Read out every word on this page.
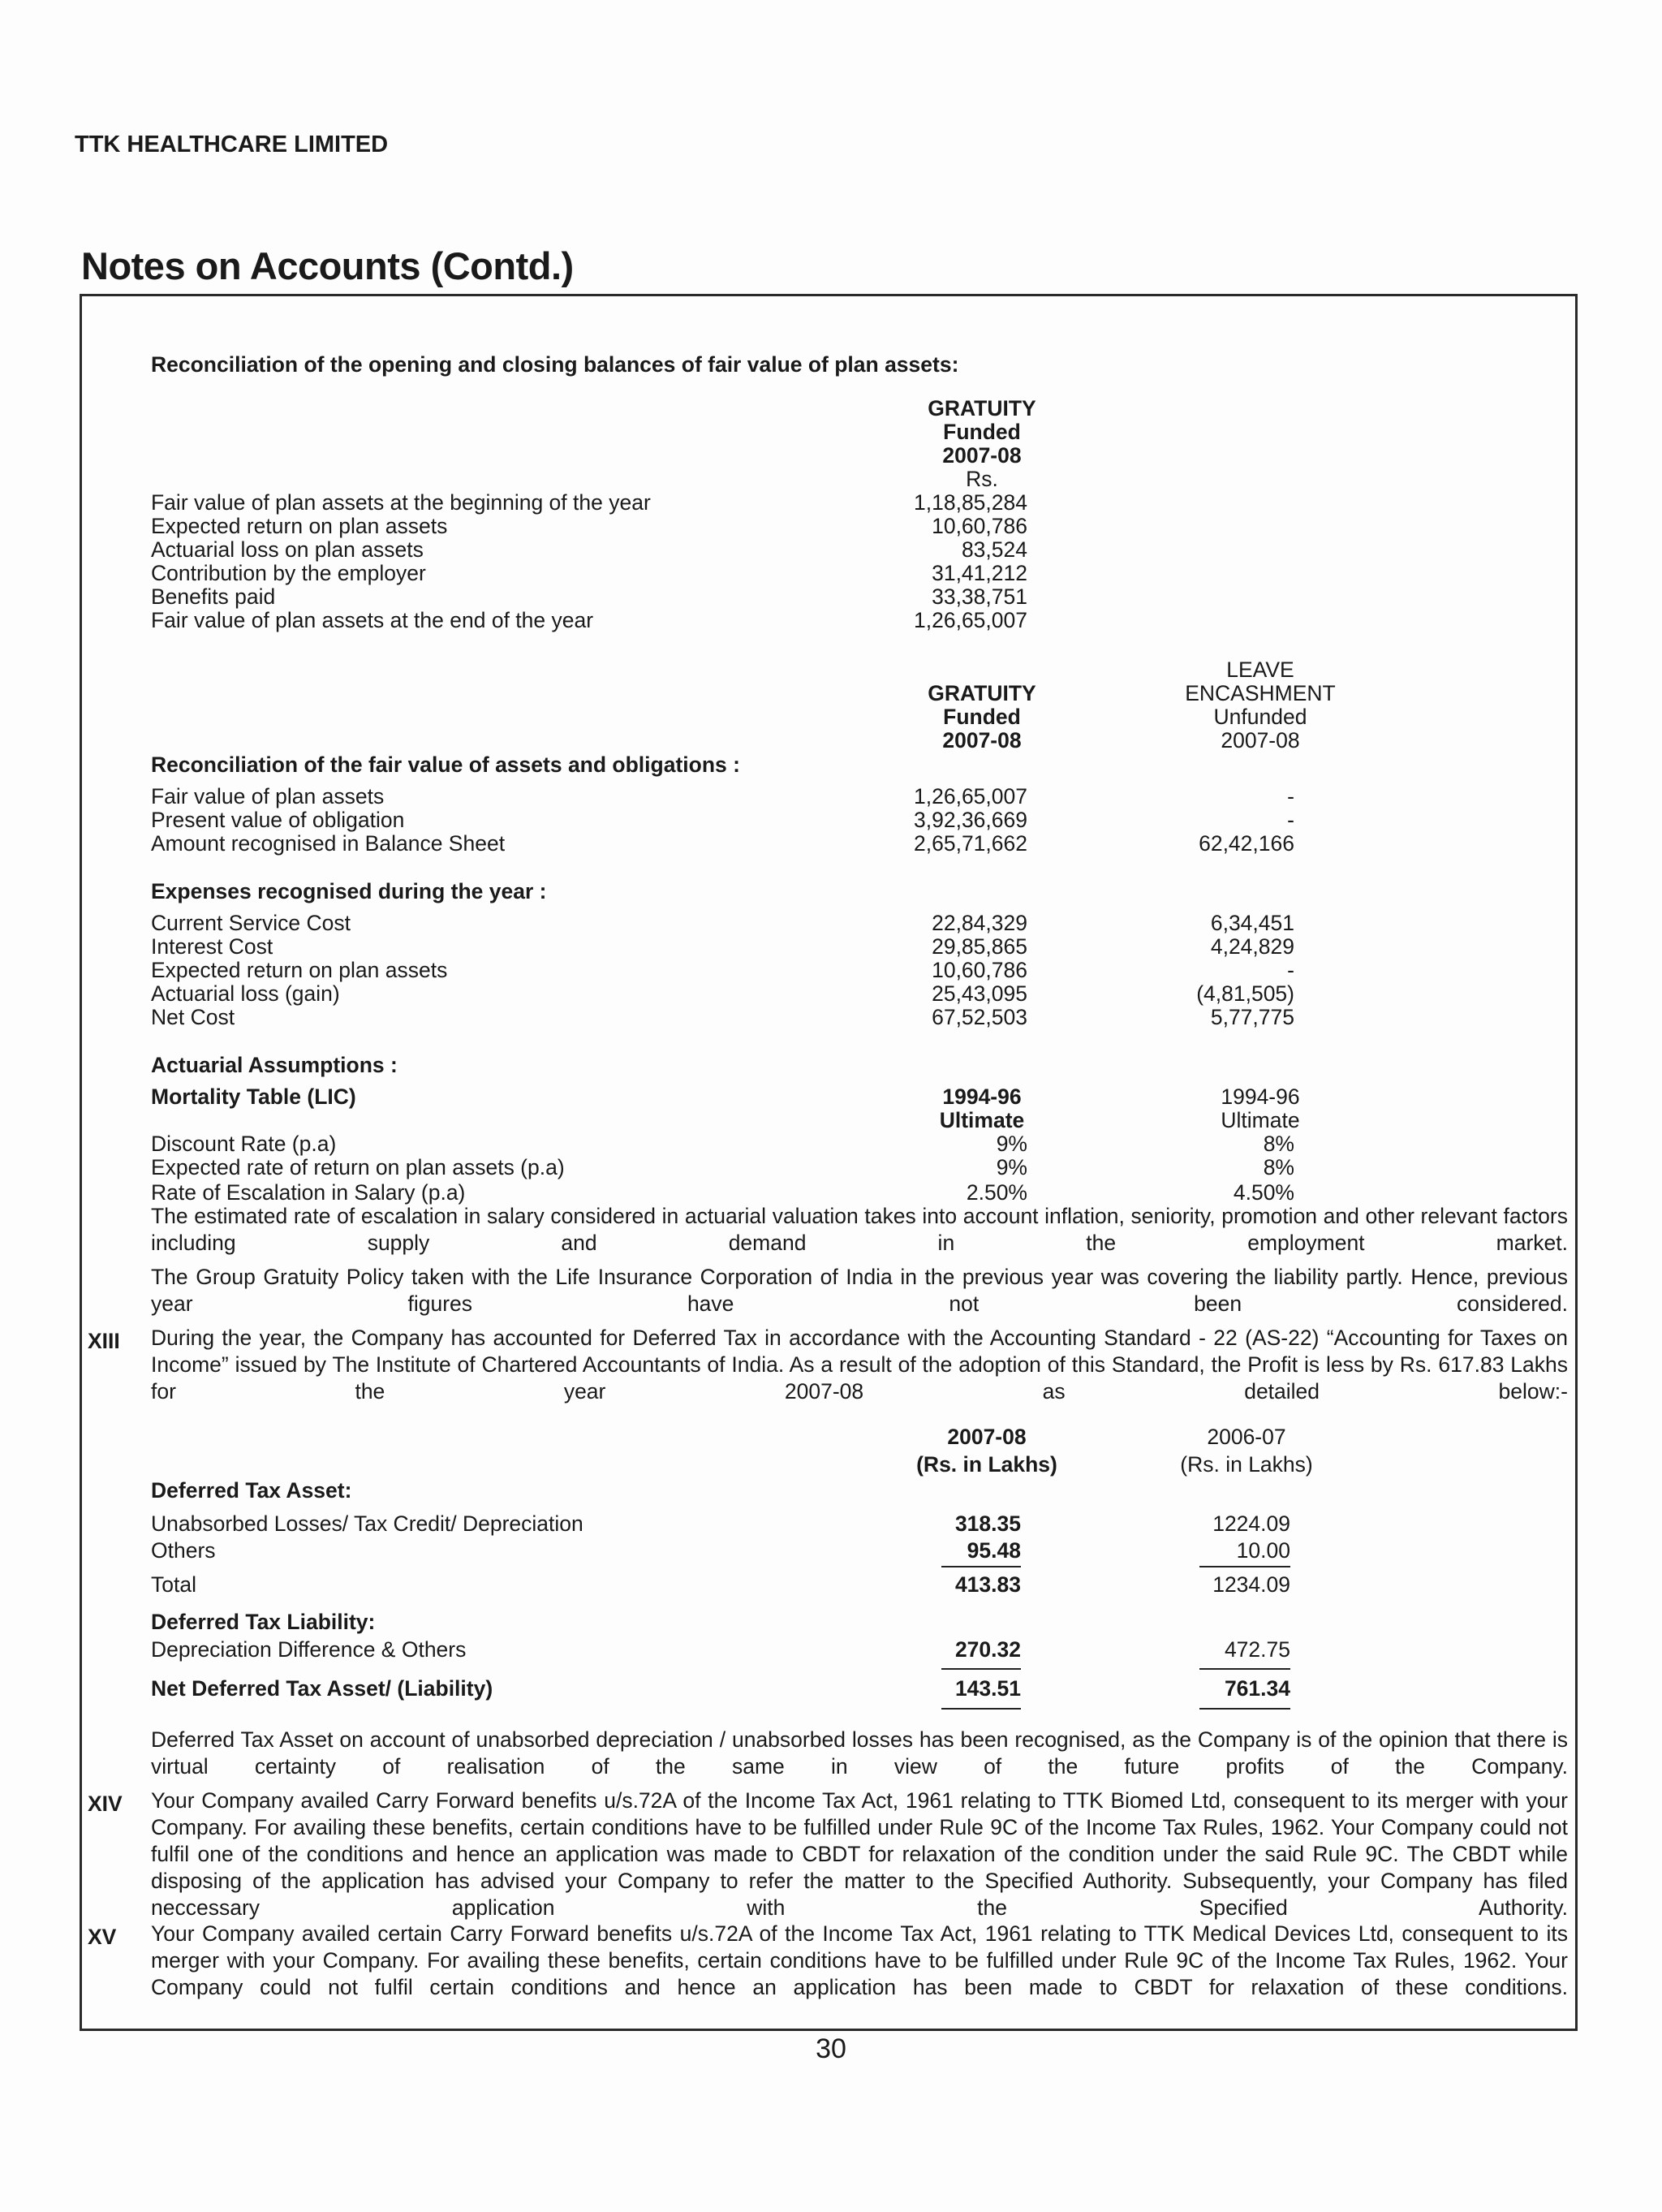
TTK HEALTHCARE LIMITED
Notes on Accounts (Contd.)
Reconciliation of the opening and closing balances of fair value of plan assets:
GRATUITY
Funded
2007-08
Rs.
Fair value of plan assets at the beginning of the year	1,18,85,284
Expected return on plan assets	10,60,786
Actuarial loss on plan assets	83,524
Contribution by the employer	31,41,212
Benefits paid	33,38,751
Fair value of plan assets at the end of the year	1,26,65,007
LEAVE
GRATUITY	ENCASHMENT
Funded	Unfunded
2007-08	2007-08
Reconciliation of the fair value of assets and obligations :
Fair value of plan assets	1,26,65,007	-
Present value of obligation	3,92,36,669	-
Amount recognised in Balance Sheet	2,65,71,662	62,42,166
Expenses recognised during the year :
Current Service Cost	22,84,329	6,34,451
Interest Cost	29,85,865	4,24,829
Expected return on plan assets	10,60,786	-
Actuarial loss (gain)	25,43,095	(4,81,505)
Net Cost	67,52,503	5,77,775
Actuarial Assumptions :
Mortality Table (LIC)	1994-96	1994-96
Ultimate	Ultimate
Discount Rate (p.a)	9%	8%
Expected rate of return on plan assets (p.a)	9%	8%
Rate of Escalation in Salary (p.a)	2.50%	4.50%
The estimated rate of escalation in salary considered in actuarial valuation takes into account inflation, seniority, promotion and other relevant factors including supply and demand in the employment market.
The Group Gratuity Policy taken with the Life Insurance Corporation of India in the previous year was covering the liability partly. Hence, previous year figures have not been considered.
XIII During the year, the Company has accounted for Deferred Tax in accordance with the Accounting Standard - 22 (AS-22) “Accounting for Taxes on Income” issued by The Institute of Chartered Accountants of India. As a result of the adoption of this Standard, the Profit is less by Rs. 617.83 Lakhs for the year 2007-08 as detailed below:-
2007-08	2006-07
(Rs. in Lakhs)	(Rs. in Lakhs)
Deferred Tax Asset:
Unabsorbed Losses/ Tax Credit/ Depreciation	318.35	1224.09
Others	95.48	10.00
Total	413.83	1234.09
Deferred Tax Liability:
Depreciation Difference & Others	270.32	472.75
Net Deferred Tax Asset/ (Liability)	143.51	761.34
Deferred Tax Asset on account of unabsorbed depreciation / unabsorbed losses has been recognised, as the Company is of the opinion that there is virtual certainty of realisation of the same in view of the future profits of the Company.
XIV Your Company availed Carry Forward benefits u/s.72A of the Income Tax Act, 1961 relating to TTK Biomed Ltd, consequent to its merger with your Company. For availing these benefits, certain conditions have to be fulfilled under Rule 9C of the Income Tax Rules, 1962. Your Company could not fulfil one of the conditions and hence an application was made to CBDT for relaxation of the condition under the said Rule 9C. The CBDT while disposing of the application has advised your Company to refer the matter to the Specified Authority. Subsequently, your Company has filed neccessary application with the Specified Authority.
XV Your Company availed certain Carry Forward benefits u/s.72A of the Income Tax Act, 1961 relating to TTK Medical Devices Ltd, consequent to its merger with your Company. For availing these benefits, certain conditions have to be fulfilled under Rule 9C of the Income Tax Rules, 1962. Your Company could not fulfil certain conditions and hence an application has been made to CBDT for relaxation of these conditions.
30
